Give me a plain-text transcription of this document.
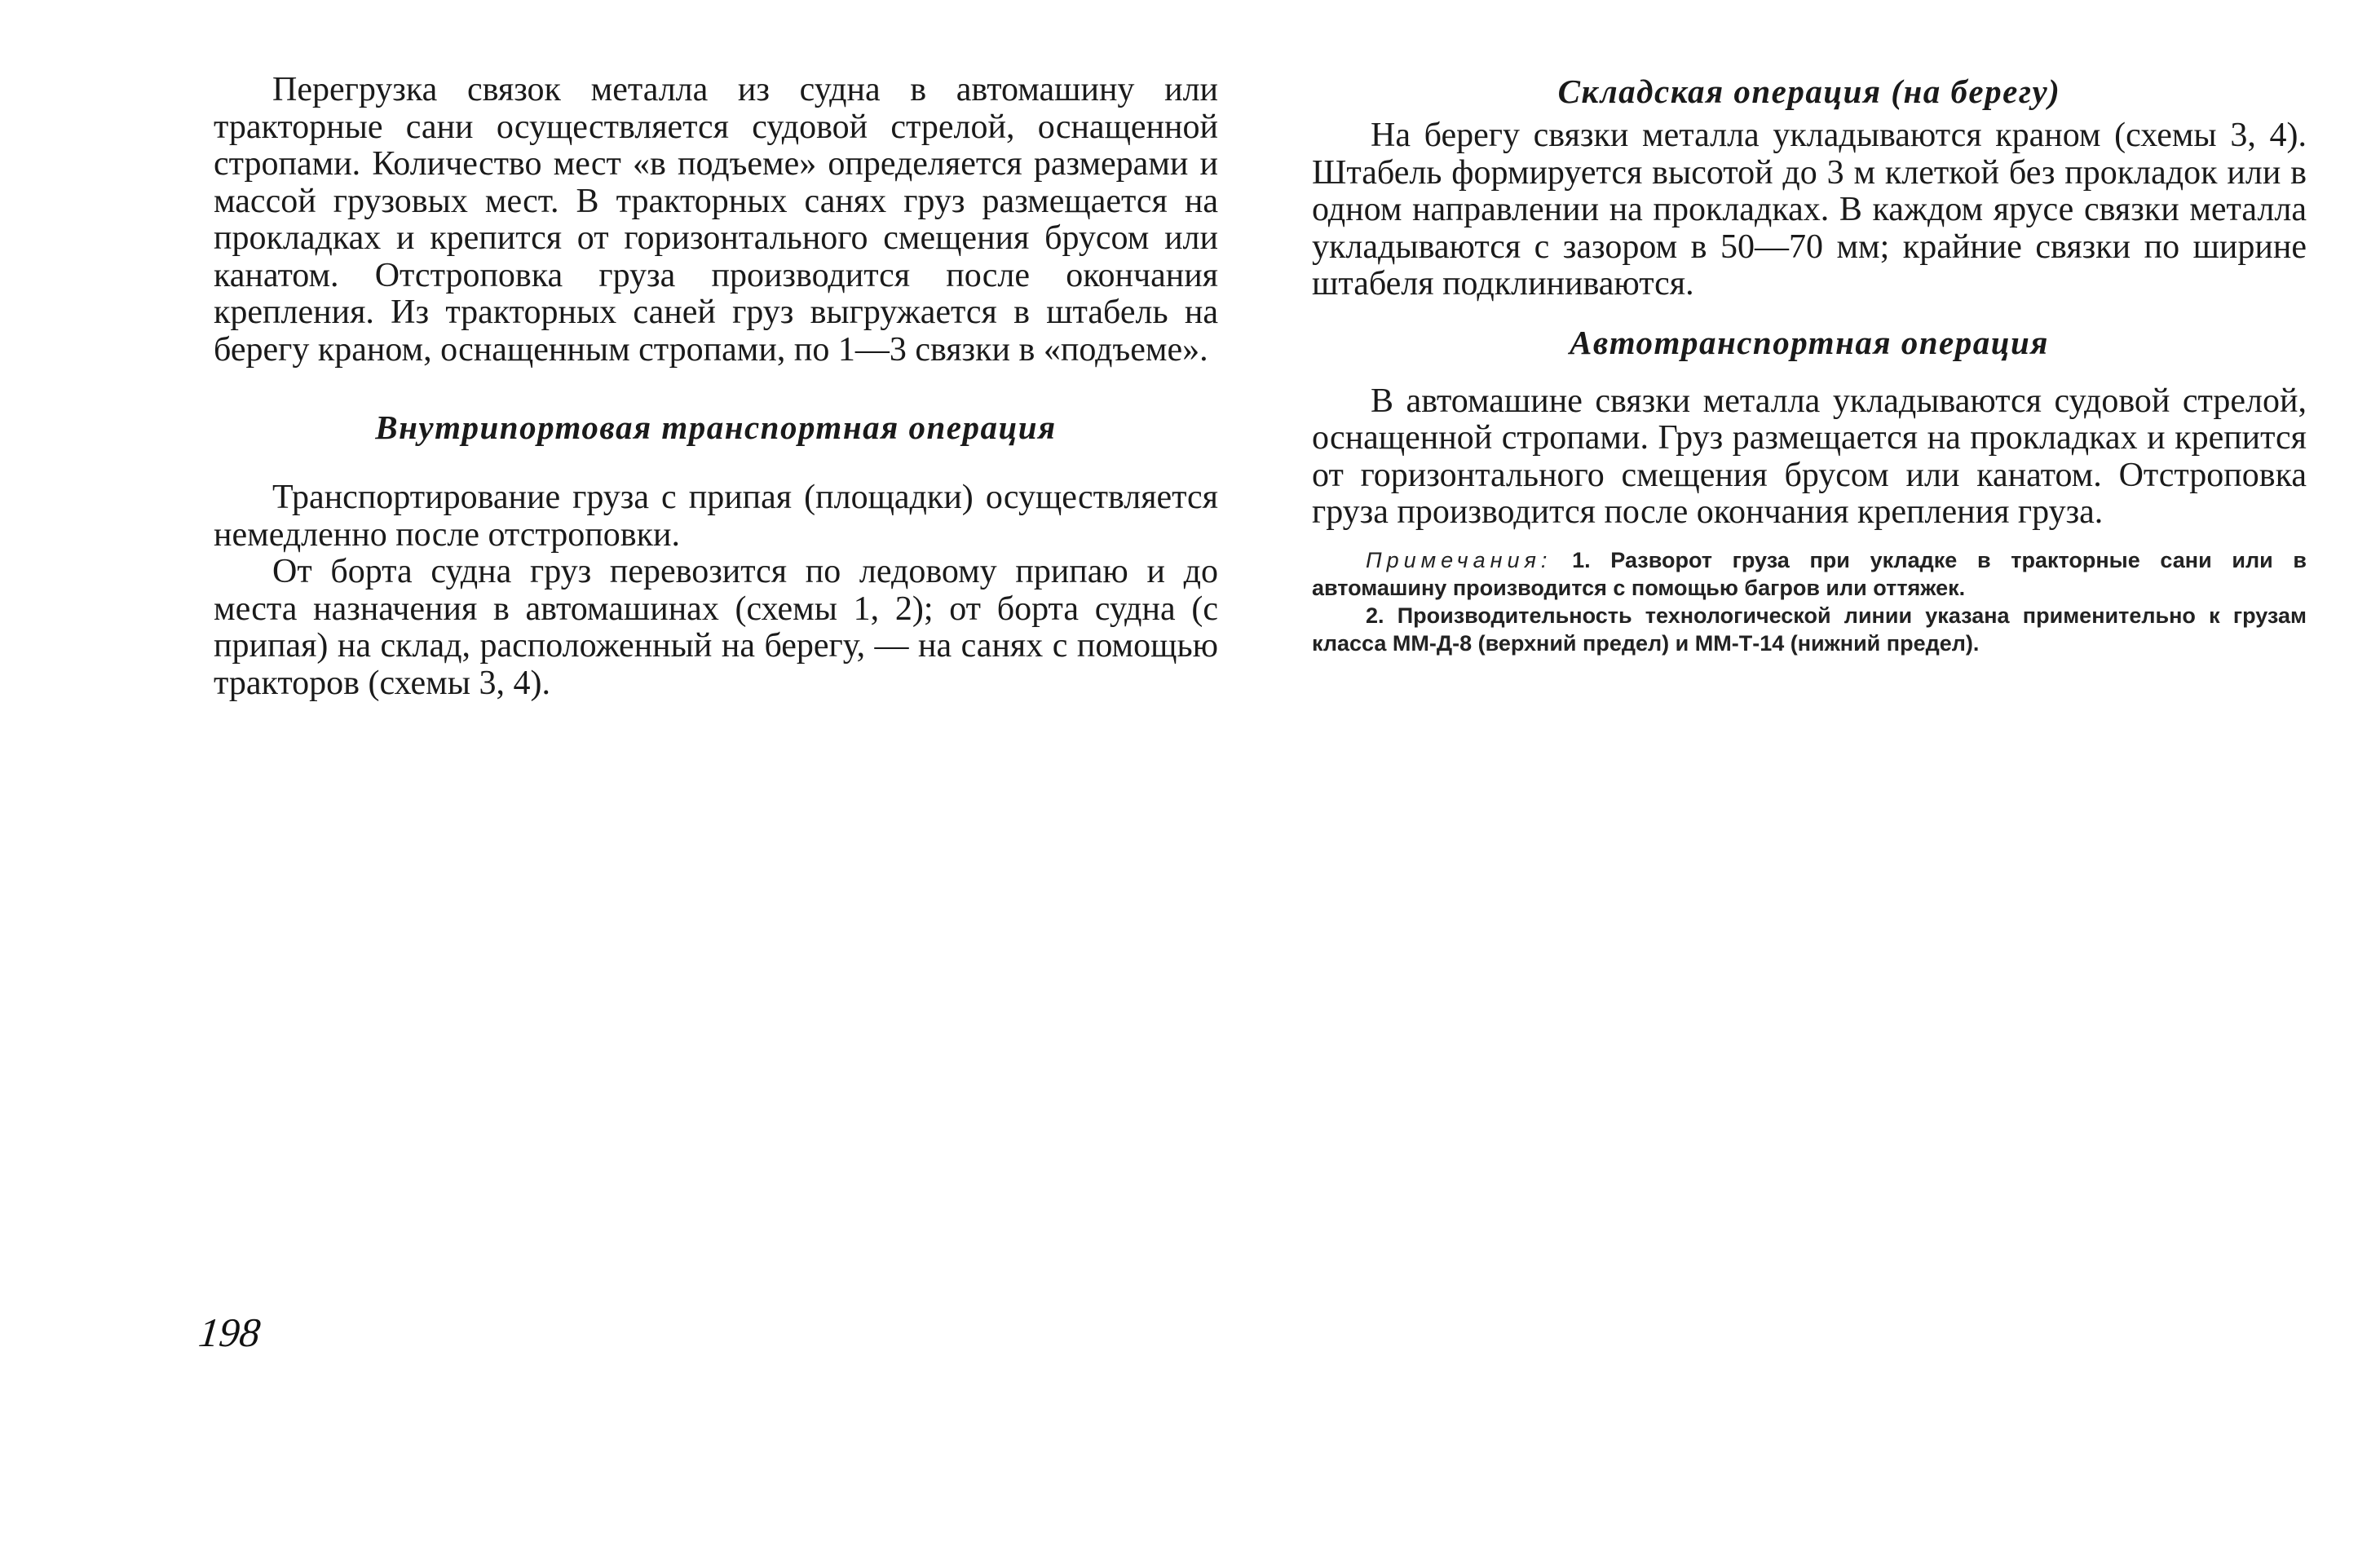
Перегрузка связок металла из судна в автомашину или тракторные сани осуществляется судовой стрелой, оснащенной стропами. Количество мест «в подъеме» определяется размерами и массой грузовых мест. В тракторных санях груз размещается на прокладках и крепится от горизонтального смещения брусом или канатом. Отстроповка груза производится после окончания крепления. Из тракторных саней груз выгружается в штабель на берегу краном, оснащенным стропами, по 1—3 связки в «подъеме».

Внутрипортовая транспортная операция

Транспортирование груза с припая (площадки) осуществляется немедленно после отстроповки.

От борта судна груз перевозится по ледовому припаю и до места назначения в автомашинах (схемы 1, 2); от борта судна (с припая) на склад, расположенный на берегу, — на санях с помощью тракторов (схемы 3, 4).

Складская операция (на берегу)

На берегу связки металла укладываются краном (схемы 3, 4). Штабель формируется высотой до 3 м клеткой без прокладок или в одном направлении на прокладках. В каждом ярусе связки металла укладываются с зазором в 50—70 мм; крайние связки по ширине штабеля подклиниваются.

Автотранспортная операция

В автомашине связки металла укладываются судовой стрелой, оснащенной стропами. Груз размещается на прокладках и крепится от горизонтального смещения брусом или канатом. Отстроповка груза производится после окончания крепления груза.

Примечания: 1. Разворот груза при укладке в тракторные сани или в автомашину производится с помощью багров или оттяжек.

2. Производительность технологической линии указана применительно к грузам класса ММ-Д-8 (верхний предел) и ММ-Т-14 (нижний предел).

198
